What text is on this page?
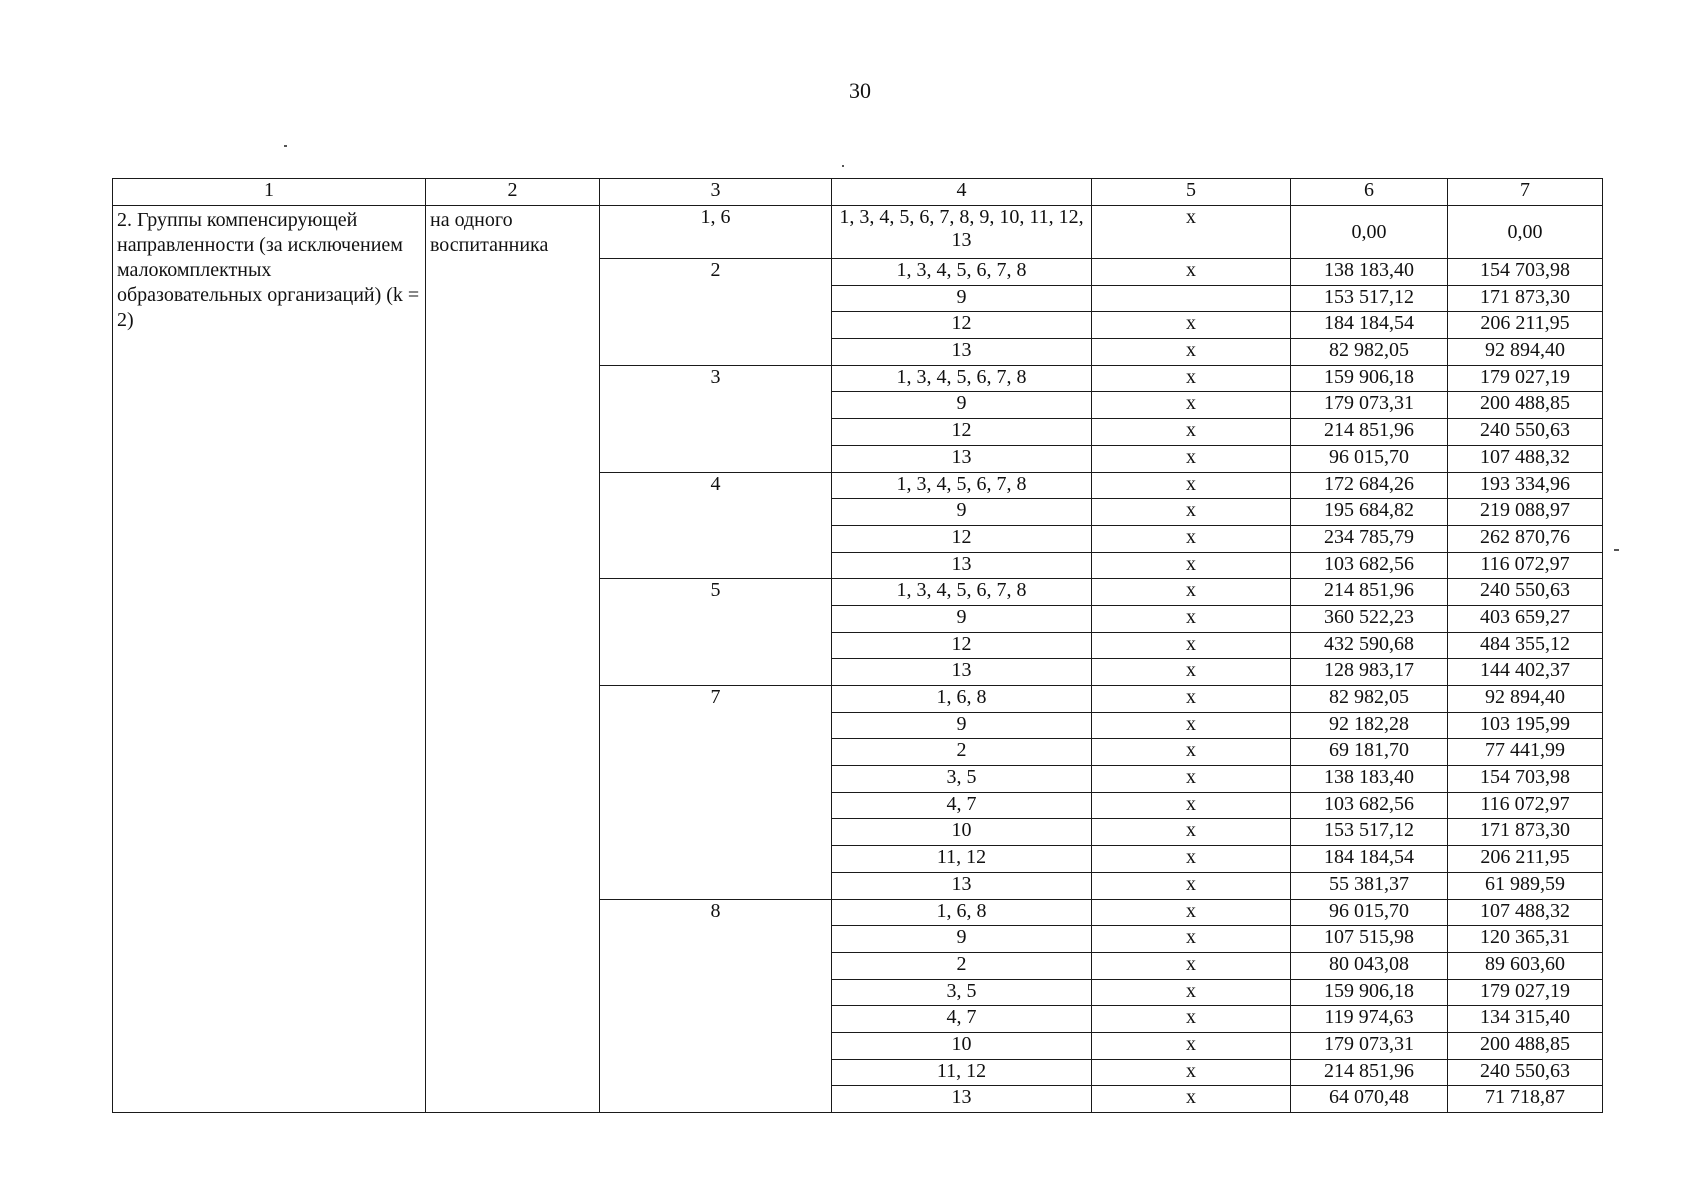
30
1	2	3	4	5	6	7
2. Группы компенсирующей направленности (за исключением малокомплектных образовательных организаций) (k = 2)	на одного воспитанника	1, 6	1, 3, 4, 5, 6, 7, 8, 9, 10, 11, 12, 13	x	0,00	0,00
		2	1, 3, 4, 5, 6, 7, 8	x	138 183,40	154 703,98
			9		153 517,12	171 873,30
			12	x	184 184,54	206 211,95
			13	x	82 982,05	92 894,40
		3	1, 3, 4, 5, 6, 7, 8	x	159 906,18	179 027,19
			9	x	179 073,31	200 488,85
			12	x	214 851,96	240 550,63
			13	x	96 015,70	107 488,32
		4	1, 3, 4, 5, 6, 7, 8	x	172 684,26	193 334,96
			9	x	195 684,82	219 088,97
			12	x	234 785,79	262 870,76
			13	x	103 682,56	116 072,97
		5	1, 3, 4, 5, 6, 7, 8	x	214 851,96	240 550,63
			9	x	360 522,23	403 659,27
			12	x	432 590,68	484 355,12
			13	x	128 983,17	144 402,37
		7	1, 6, 8	x	82 982,05	92 894,40
			9	x	92 182,28	103 195,99
			2	x	69 181,70	77 441,99
			3, 5	x	138 183,40	154 703,98
			4, 7	x	103 682,56	116 072,97
			10	x	153 517,12	171 873,30
			11, 12	x	184 184,54	206 211,95
			13	x	55 381,37	61 989,59
		8	1, 6, 8	x	96 015,70	107 488,32
			9	x	107 515,98	120 365,31
			2	x	80 043,08	89 603,60
			3, 5	x	159 906,18	179 027,19
			4, 7	x	119 974,63	134 315,40
			10	x	179 073,31	200 488,85
			11, 12	x	214 851,96	240 550,63
			13	x	64 070,48	71 718,87
